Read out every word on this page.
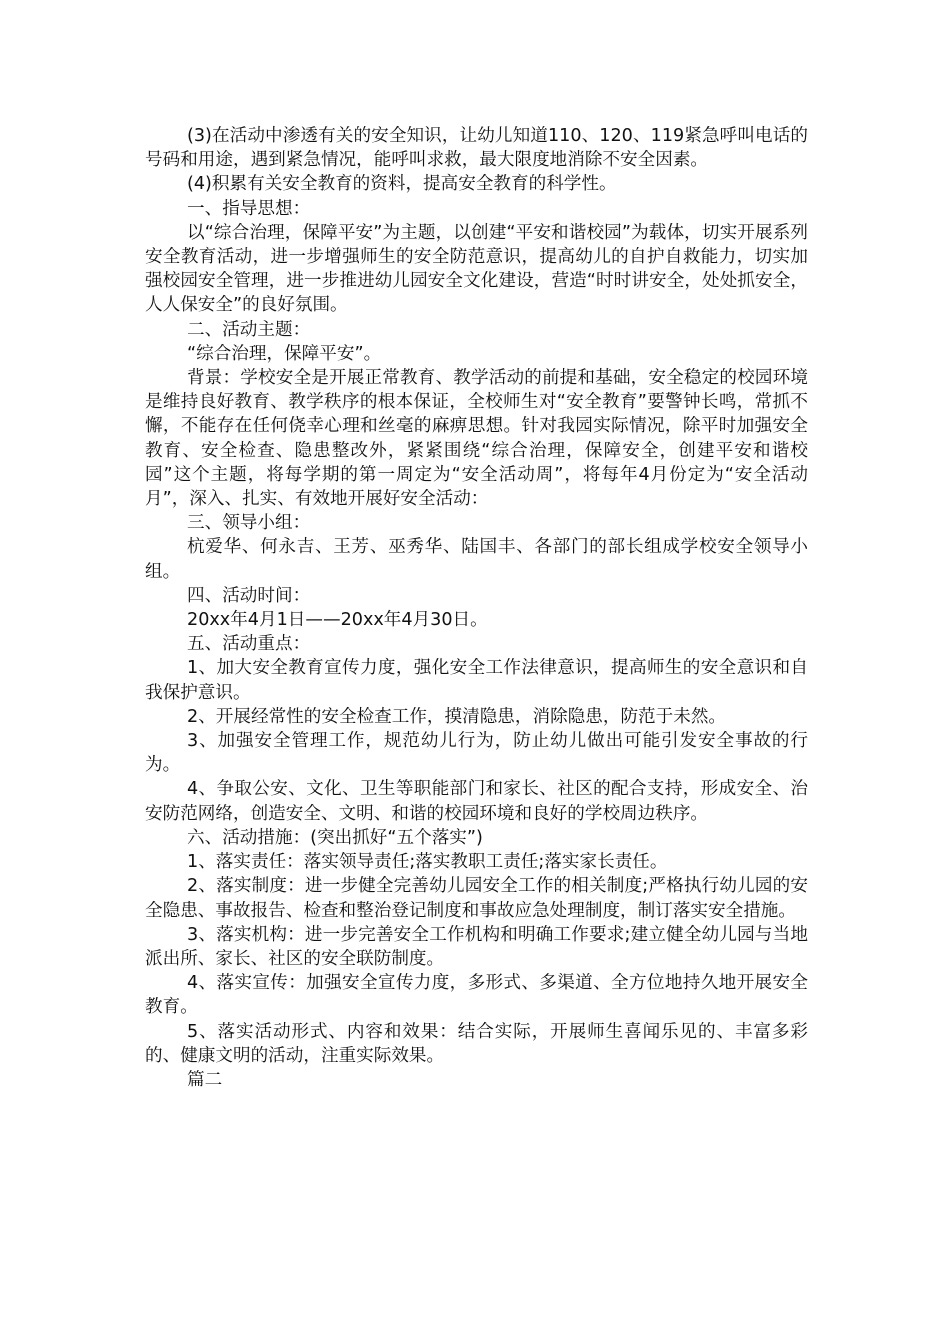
(3)在活动中渗透有关的安全知识，让幼儿知道110、120、119紧急呼叫电话的号码和用途，遇到紧急情况，能呼叫求救，最大限度地消除不安全因素。

(4)积累有关安全教育的资料，提高安全教育的科学性。

一、指导思想：

以“综合治理，保障平安”为主题，以创建“平安和谐校园”为载体，切实开展系列安全教育活动，进一步增强师生的安全防范意识，提高幼儿的自护自救能力，切实加强校园安全管理，进一步推进幼儿园安全文化建设，营造“时时讲安全，处处抓安全，人人保安全”的良好氛围。

二、活动主题：

“综合治理，保障平安”。

背景：学校安全是开展正常教育、教学活动的前提和基础，安全稳定的校园环境是维持良好教育、教学秩序的根本保证，全校师生对“安全教育”要警钟长鸣，常抓不懈，不能存在任何侥幸心理和丝毫的麻痹思想。针对我园实际情况，除平时加强安全教育、安全检查、隐患整改外，紧紧围绕“综合治理，保障安全，创建平安和谐校园”这个主题，将每学期的第一周定为“安全活动周”，将每年4月份定为“安全活动月”，深入、扎实、有效地开展好安全活动：

三、领导小组：

杭爱华、何永吉、王芳、巫秀华、陆国丰、各部门的部长组成学校安全领导小组。

四、活动时间：

20xx年4月1日——20xx年4月30日。

五、活动重点：

1、加大安全教育宣传力度，强化安全工作法律意识，提高师生的安全意识和自我保护意识。

2、开展经常性的安全检查工作，摸清隐患，消除隐患，防范于未然。

3、加强安全管理工作，规范幼儿行为，防止幼儿做出可能引发安全事故的行为。

4、争取公安、文化、卫生等职能部门和家长、社区的配合支持，形成安全、治安防范网络，创造安全、文明、和谐的校园环境和良好的学校周边秩序。

六、活动措施：(突出抓好“五个落实”)

1、落实责任：落实领导责任;落实教职工责任;落实家长责任。

2、落实制度：进一步健全完善幼儿园安全工作的相关制度;严格执行幼儿园的安全隐患、事故报告、检查和整治登记制度和事故应急处理制度，制订落实安全措施。

3、落实机构：进一步完善安全工作机构和明确工作要求;建立健全幼儿园与当地派出所、家长、社区的安全联防制度。

4、落实宣传：加强安全宣传力度，多形式、多渠道、全方位地持久地开展安全教育。

5、落实活动形式、内容和效果：结合实际，开展师生喜闻乐见的、丰富多彩的、健康文明的活动，注重实际效果。

篇二
